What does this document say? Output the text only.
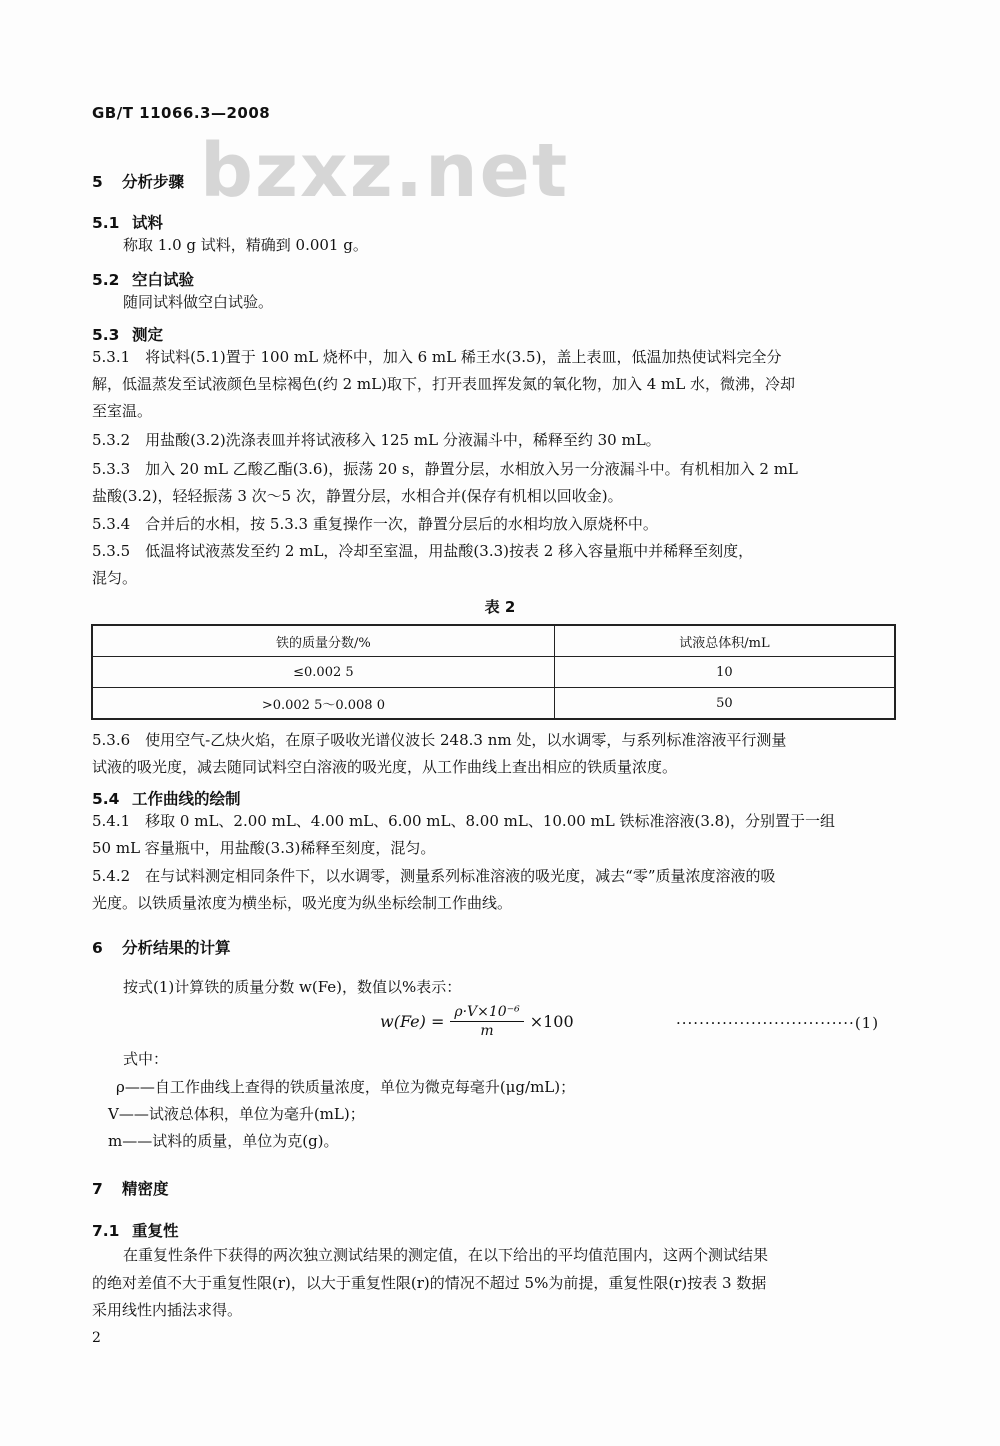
GB/T 11066.3—2008
bzxz.net
5 分析步骤
5.1 试料
称取 1.0 g 试料，精确到 0.001 g。
5.2 空白试验
随同试料做空白试验。
5.3 测定
5.3.1　将试料(5.1)置于 100 mL 烧杯中，加入 6 mL 稀王水(3.5)，盖上表皿，低温加热使试料完全分
解，低温蒸发至试液颜色呈棕褐色(约 2 mL)取下，打开表皿挥发氮的氧化物，加入 4 mL 水，微沸，冷却
至室温。
5.3.2　用盐酸(3.2)洗涤表皿并将试液移入 125 mL 分液漏斗中，稀释至约 30 mL。
5.3.3　加入 20 mL 乙酸乙酯(3.6)，振荡 20 s，静置分层，水相放入另一分液漏斗中。有机相加入 2 mL
盐酸(3.2)，轻轻振荡 3 次～5 次，静置分层，水相合并(保存有机相以回收金)。
5.3.4　合并后的水相，按 5.3.3 重复操作一次，静置分层后的水相均放入原烧杯中。
5.3.5　低温将试液蒸发至约 2 mL，冷却至室温，用盐酸(3.3)按表 2 移入容量瓶中并稀释至刻度，
混匀。
表 2
铁的质量分数/%	试液总体积/mL
≤0.002 5	10
>0.002 5～0.008 0	50
5.3.6　使用空气-乙炔火焰，在原子吸收光谱仪波长 248.3 nm 处，以水调零，与系列标准溶液平行测量
试液的吸光度，减去随同试料空白溶液的吸光度，从工作曲线上查出相应的铁质量浓度。
5.4 工作曲线的绘制
5.4.1　移取 0 mL、2.00 mL、4.00 mL、6.00 mL、8.00 mL、10.00 mL 铁标准溶液(3.8)，分别置于一组
50 mL 容量瓶中，用盐酸(3.3)稀释至刻度，混匀。
5.4.2　在与试料测定相同条件下，以水调零，测量系列标准溶液的吸光度，减去“零”质量浓度溶液的吸
光度。以铁质量浓度为横坐标，吸光度为纵坐标绘制工作曲线。
6 分析结果的计算
按式(1)计算铁的质量分数 w(Fe)，数值以%表示：
$w(Fe) = \frac{\text{ρ·V×10⁻⁶}}{m} \times 100$	·······························(1)
式中：
ρ——自工作曲线上查得的铁质量浓度，单位为微克每毫升(μg/mL)；
V——试液总体积，单位为毫升(mL)；
m——试料的质量，单位为克(g)。
7 精密度
7.1 重复性
在重复性条件下获得的两次独立测试结果的测定值，在以下给出的平均值范围内，这两个测试结果
的绝对差值不大于重复性限(r)，以大于重复性限(r)的情况不超过 5%为前提，重复性限(r)按表 3 数据
采用线性内插法求得。
2
